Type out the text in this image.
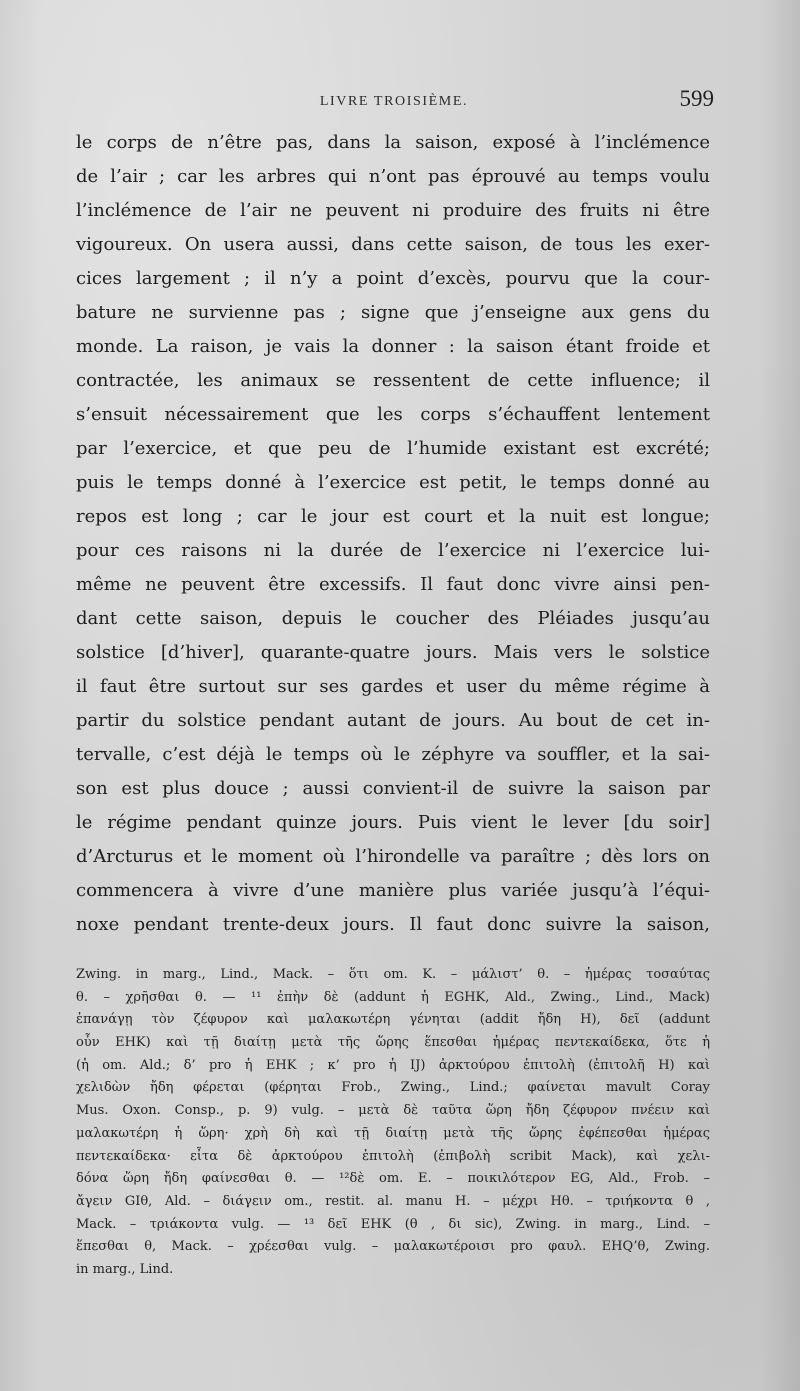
LIVRE TROISIÈME.	599
le corps de n’être pas, dans la saison, exposé à l’inclémence
de l’air ; car les arbres qui n’ont pas éprouvé au temps voulu
l’inclémence de l’air ne peuvent ni produire des fruits ni être
vigoureux. On usera aussi, dans cette saison, de tous les exer-
cices largement ; il n’y a point d’excès, pourvu que la cour-
bature ne survienne pas ; signe que j’enseigne aux gens du
monde. La raison, je vais la donner : la saison étant froide et
contractée, les animaux se ressentent de cette influence; il
s’ensuit nécessairement que les corps s’échauffent lentement
par l’exercice, et que peu de l’humide existant est excrété;
puis le temps donné à l’exercice est petit, le temps donné au
repos est long ; car le jour est court et la nuit est longue;
pour ces raisons ni la durée de l’exercice ni l’exercice lui-
même ne peuvent être excessifs. Il faut donc vivre ainsi pen-
dant cette saison, depuis le coucher des Pléiades jusqu’au
solstice [d’hiver], quarante-quatre jours. Mais vers le solstice
il faut être surtout sur ses gardes et user du même régime à
partir du solstice pendant autant de jours. Au bout de cet in-
tervalle, c’est déjà le temps où le zéphyre va souffler, et la sai-
son est plus douce ; aussi convient-il de suivre la saison par
le régime pendant quinze jours. Puis vient le lever [du soir]
d’Arcturus et le moment où l’hirondelle va paraître ; dès lors on
commencera à vivre d’une manière plus variée jusqu’à l’équi-
noxe pendant trente-deux jours. Il faut donc suivre la saison,
Zwing. in marg., Lind., Mack. – ὅτι om. K. – μάλιστ’ θ. – ἡμέρας τοσαύτας
θ. – χρῆσθαι θ. — ¹¹ ἐπὴν δὲ (addunt ἡ EGHK, Ald., Zwing., Lind., Mack)
ἐπανάγῃ τὸν ζέφυρον καὶ μαλακωτέρη γένηται (addit ἤδη H), δεῖ (addunt
οὖν EHK) καὶ τῇ διαίτῃ μετὰ τῆς ὥρης ἕπεσθαι ἡμέρας πεντεκαίδεκα, ὅτε ἡ
(ἡ om. Ald.; δ’ pro ἡ EHK ; κ’ pro ἡ IJ) ἀρκτούρου ἐπιτολὴ (ἐπιτολῆ H) καὶ
χελιδὼν ἤδη φέρεται (φέρηται Frob., Zwing., Lind.; φαίνεται mavult Coray
Mus. Oxon. Consp., p. 9) vulg. – μετὰ δὲ ταῦτα ὥρη ἤδη ζέφυρον πνέειν καὶ
μαλακωτέρη ἡ ὥρη· χρὴ δὴ καὶ τῇ διαίτῃ μετὰ τῆς ὥρης ἐφέπεσθαι ἡμέρας
πεντεκαίδεκα· εἶτα δὲ ἀρκτούρου ἐπιτολὴ (ἐπιβολὴ scribit Mack), καὶ χελι-
δόνα ὥρη ἤδη φαίνεσθαι θ. — ¹²δὲ om. E. – ποικιλότερον EG, Ald., Frob. –
ἄγειν GIθ, Ald. – διάγειν om., restit. al. manu H. – μέχρι Hθ. – τριήκοντα θ ,
Mack. – τριάκοντα vulg. — ¹³ δεῖ EHK (θ , δι sic), Zwing. in marg., Lind. –
ἕπεσθαι θ, Mack. – χρέεσθαι vulg. – μαλακωτέροισι pro φαυλ. EHQ’θ, Zwing.
in marg., Lind.
